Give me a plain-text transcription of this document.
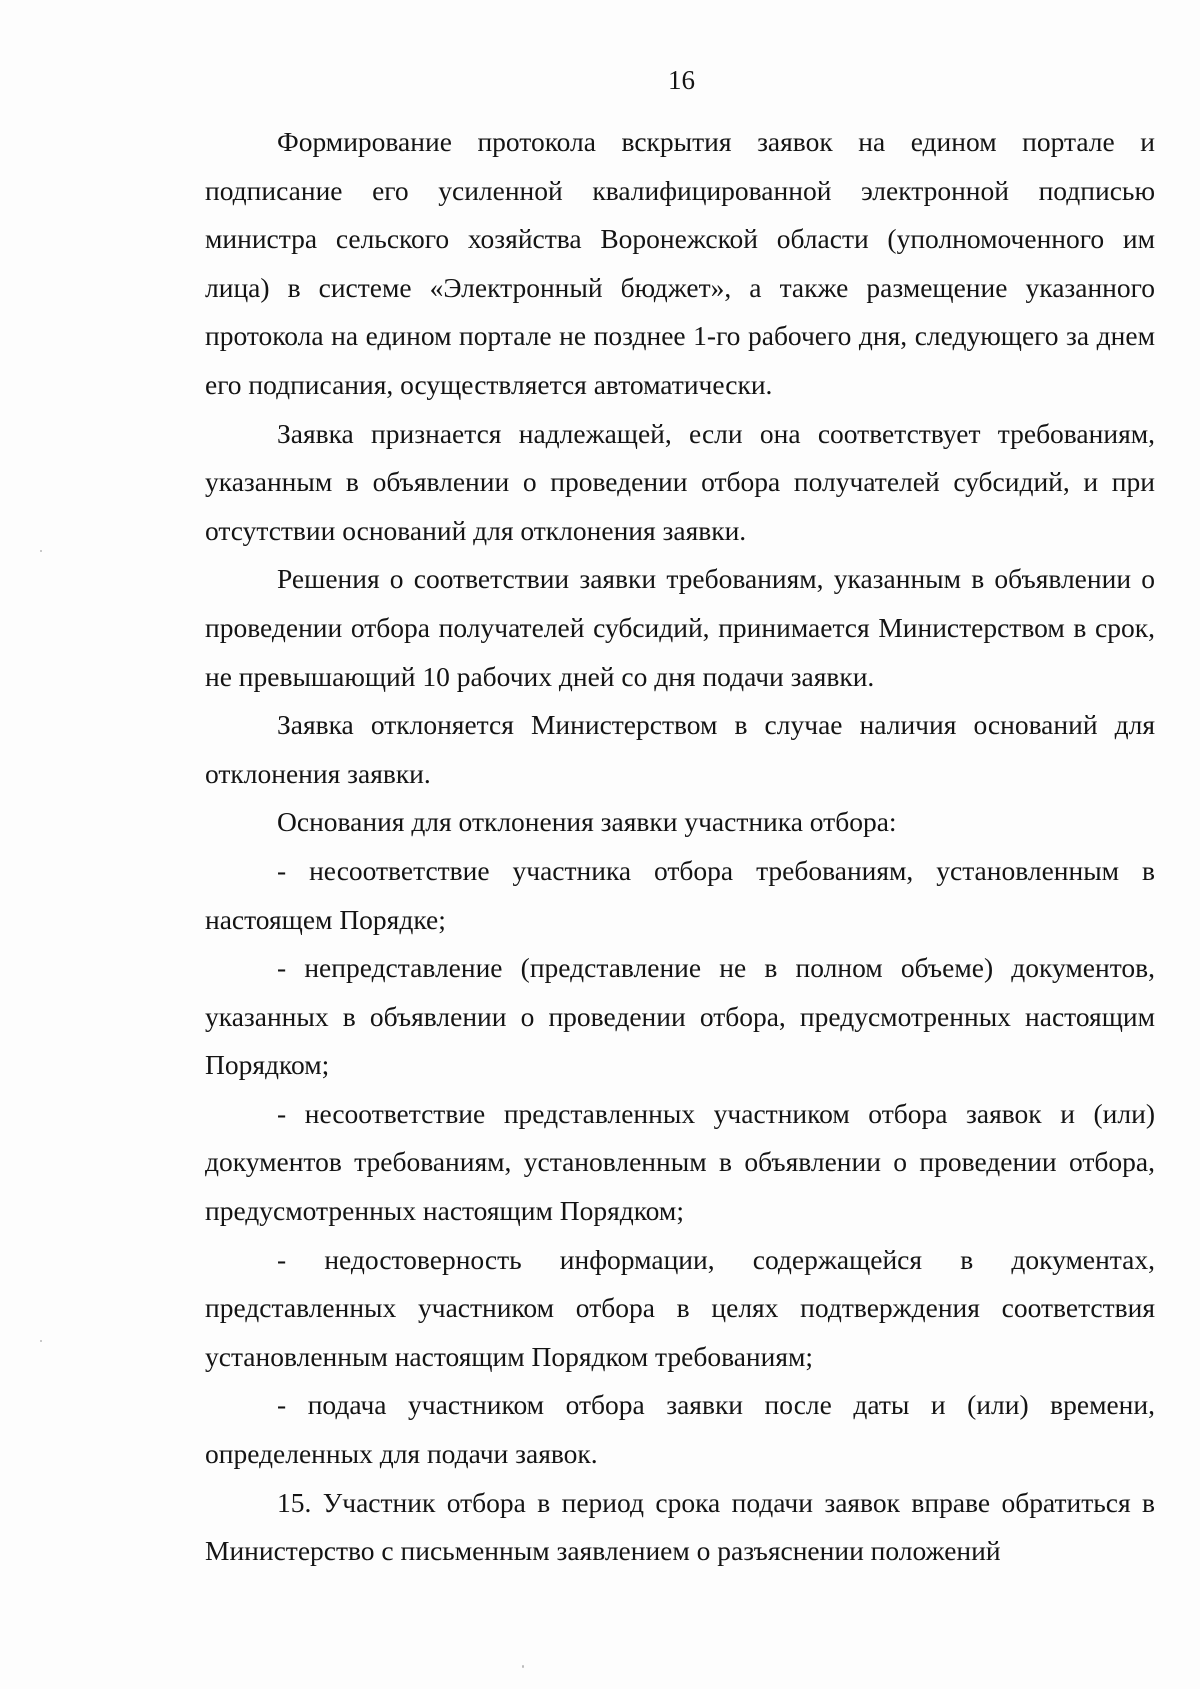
16

Формирование протокола вскрытия заявок на едином портале и подписание его усиленной квалифицированной электронной подписью министра сельского хозяйства Воронежской области (уполномоченного им лица) в системе «Электронный бюджет», а также размещение указанного протокола на едином портале не позднее 1-го рабочего дня, следующего за днем его подписания, осуществляется автоматически.

Заявка признается надлежащей, если она соответствует требованиям, указанным в объявлении о проведении отбора получателей субсидий, и при отсутствии оснований для отклонения заявки.

Решения о соответствии заявки требованиям, указанным в объявлении о проведении отбора получателей субсидий, принимается Министерством в срок, не превышающий 10 рабочих дней со дня подачи заявки.

Заявка отклоняется Министерством в случае наличия оснований для отклонения заявки.

Основания для отклонения заявки участника отбора:

- несоответствие участника отбора требованиям, установленным в настоящем Порядке;

- непредставление (представление не в полном объеме) документов, указанных в объявлении о проведении отбора, предусмотренных настоящим Порядком;

- несоответствие представленных участником отбора заявок и (или) документов требованиям, установленным в объявлении о проведении отбора, предусмотренных настоящим Порядком;

- недостоверность информации, содержащейся в документах, представленных участником отбора в целях подтверждения соответствия установленным настоящим Порядком требованиям;

- подача участником отбора заявки после даты и (или) времени, определенных для подачи заявок.

15. Участник отбора в период срока подачи заявок вправе обратиться в Министерство с письменным заявлением о разъяснении положений
